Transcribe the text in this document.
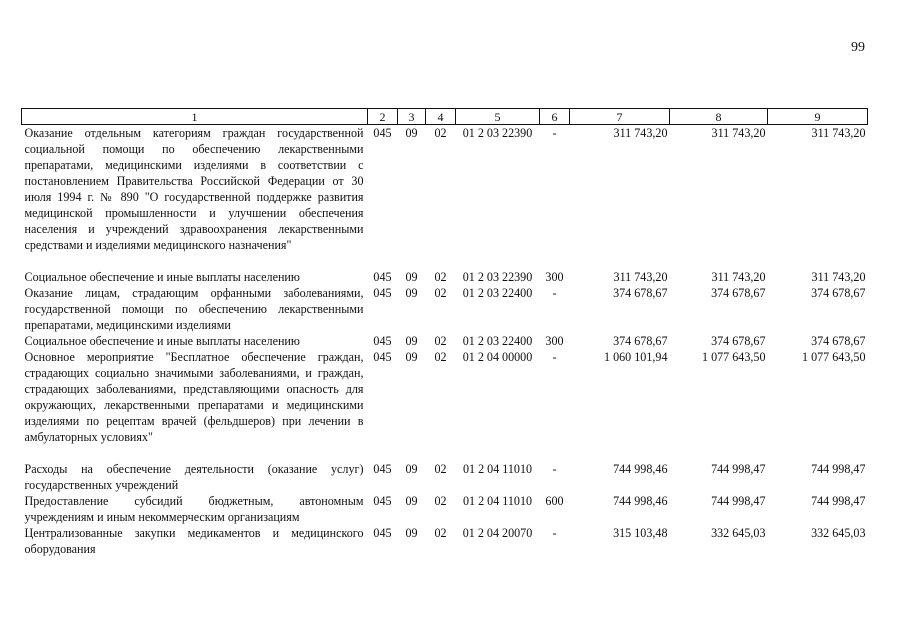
99
1	2	3	4	5	6	7	8	9
Оказание отдельным категориям граждан государственной социальной помощи по обеспечению лекарственными препаратами, медицинскими изделиями в соответствии с постановлением Правительства Российской Федерации от 30 июля 1994 г. № 890 "О государственной поддержке развития медицинской промышленности и улучшении обеспечения населения и учреждений здравоохранения лекарственными средствами и изделиями медицинского назначения"	045	09	02	01 2 03 22390	-	311 743,20	311 743,20	311 743,20
Социальное обеспечение и иные выплаты населению	045	09	02	01 2 03 22390	300	311 743,20	311 743,20	311 743,20
Оказание лицам, страдающим орфанными заболеваниями, государственной помощи по обеспечению лекарственными препаратами, медицинскими изделиями	045	09	02	01 2 03 22400	-	374 678,67	374 678,67	374 678,67
Социальное обеспечение и иные выплаты населению	045	09	02	01 2 03 22400	300	374 678,67	374 678,67	374 678,67
Основное мероприятие "Бесплатное обеспечение граждан, страдающих социально значимыми заболеваниями, и граждан, страдающих заболеваниями, представляющими опасность для окружающих, лекарственными препаратами и медицинскими изделиями по рецептам врачей (фельдшеров) при лечении в амбулаторных условиях"	045	09	02	01 2 04 00000	-	1 060 101,94	1 077 643,50	1 077 643,50
Расходы на обеспечение деятельности (оказание услуг) государственных учреждений	045	09	02	01 2 04 11010	-	744 998,46	744 998,47	744 998,47
Предоставление субсидий бюджетным, автономным учреждениям и иным некоммерческим организациям	045	09	02	01 2 04 11010	600	744 998,46	744 998,47	744 998,47
Централизованные закупки медикаментов и медицинского оборудования	045	09	02	01 2 04 20070	-	315 103,48	332 645,03	332 645,03
